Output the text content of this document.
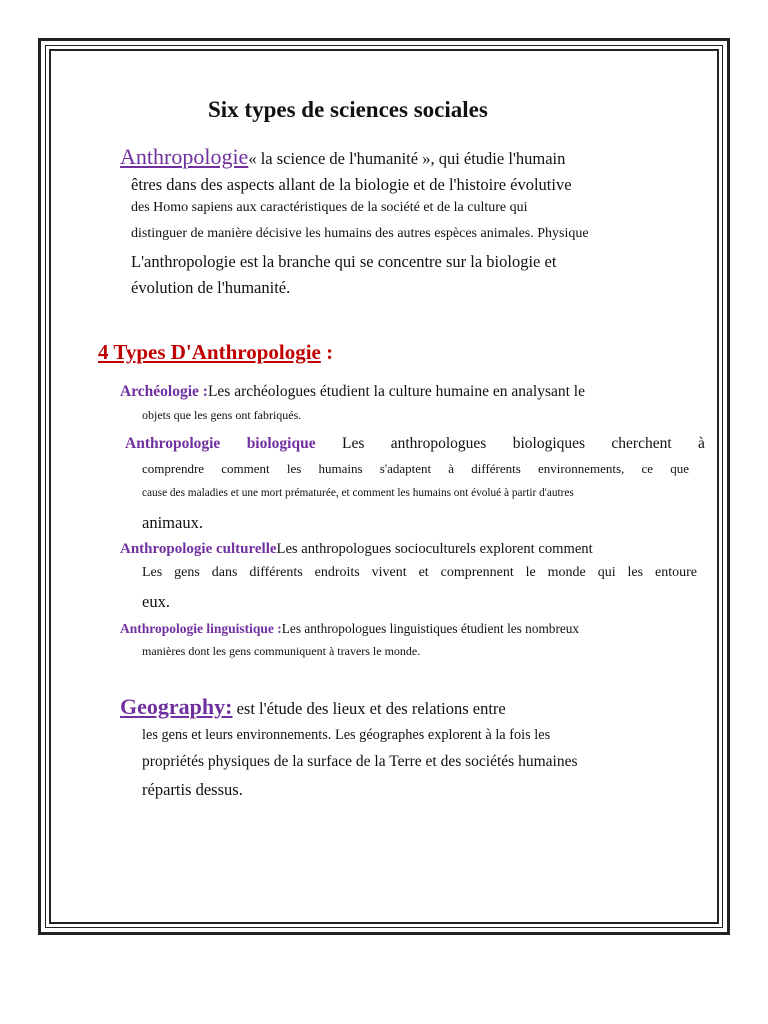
Six types de sciences sociales
Anthropologie« la science de l'humanité », qui étudie l'humain
êtres dans des aspects allant de la biologie et de l'histoire évolutive
des Homo sapiens aux caractéristiques de la société et de la culture qui
distinguer de manière décisive les humains des autres espèces animales. Physique
L'anthropologie est la branche qui se concentre sur la biologie et
évolution de l'humanité.
4 Types D'Anthropologie :
Archéologie :Les archéologues étudient la culture humaine en analysant le
objets que les gens ont fabriqués.
Anthropologie biologique Les anthropologues biologiques cherchent à
comprendre comment les humains s'adaptent à différents environnements, ce que
cause des maladies et une mort prématurée, et comment les humains ont évolué à partir d'autres
animaux.
Anthropologie culturelleLes anthropologues socioculturels explorent comment
Les gens dans différents endroits vivent et comprennent le monde qui les entoure
eux.
Anthropologie linguistique :Les anthropologues linguistiques étudient les nombreux
manières dont les gens communiquent à travers le monde.
Geography: est l'étude des lieux et des relations entre
les gens et leurs environnements. Les géographes explorent à la fois les
propriétés physiques de la surface de la Terre et des sociétés humaines
répartis dessus.
